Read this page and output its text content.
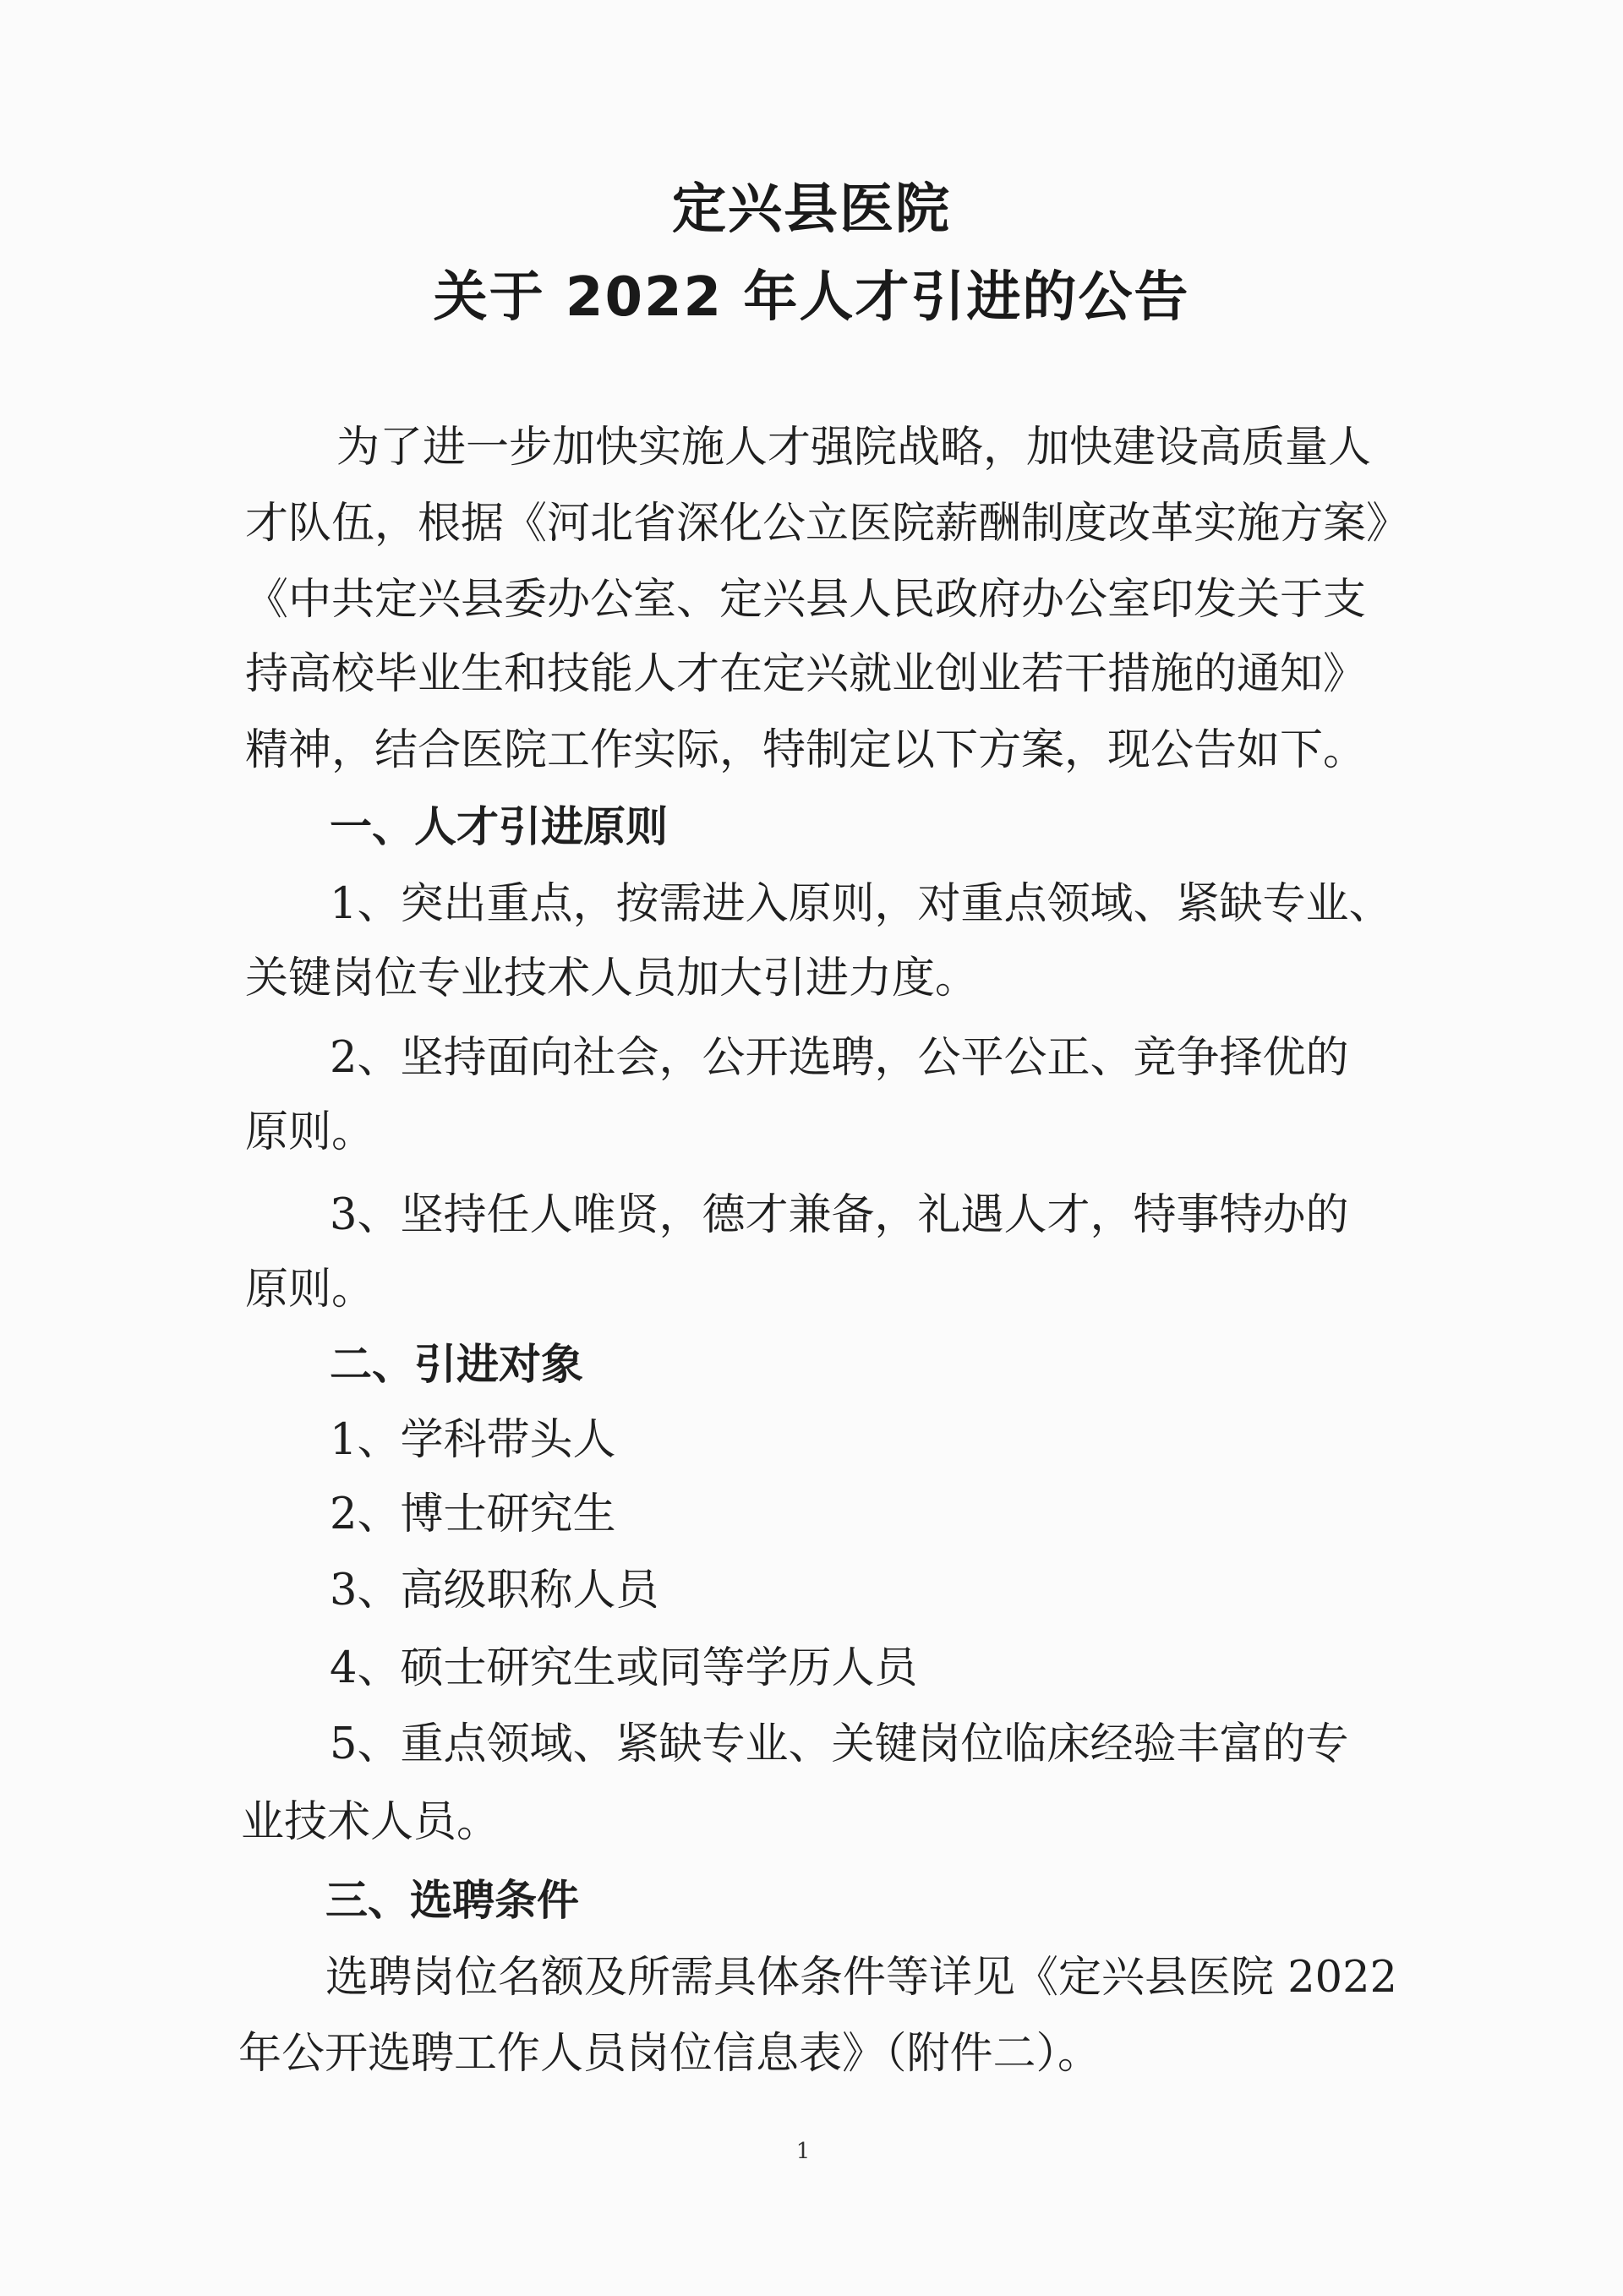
定兴县医院
关于 2022 年人才引进的公告
为了进一步加快实施人才强院战略，加快建设高质量人
才队伍，根据《河北省深化公立医院薪酬制度改革实施方案》
《中共定兴县委办公室、定兴县人民政府办公室印发关于支
持高校毕业生和技能人才在定兴就业创业若干措施的通知》
精神，结合医院工作实际，特制定以下方案，现公告如下。
一、人才引进原则
1、突出重点，按需进入原则，对重点领域、紧缺专业、
关键岗位专业技术人员加大引进力度。
2、坚持面向社会，公开选聘，公平公正、竞争择优的
原则。
3、坚持任人唯贤，德才兼备，礼遇人才，特事特办的
原则。
二、引进对象
1、学科带头人
2、博士研究生
3、高级职称人员
4、硕士研究生或同等学历人员
5、重点领域、紧缺专业、关键岗位临床经验丰富的专
业技术人员。
三、选聘条件
选聘岗位名额及所需具体条件等详见《定兴县医院 2022
年公开选聘工作人员岗位信息表》（附件二）。
1
